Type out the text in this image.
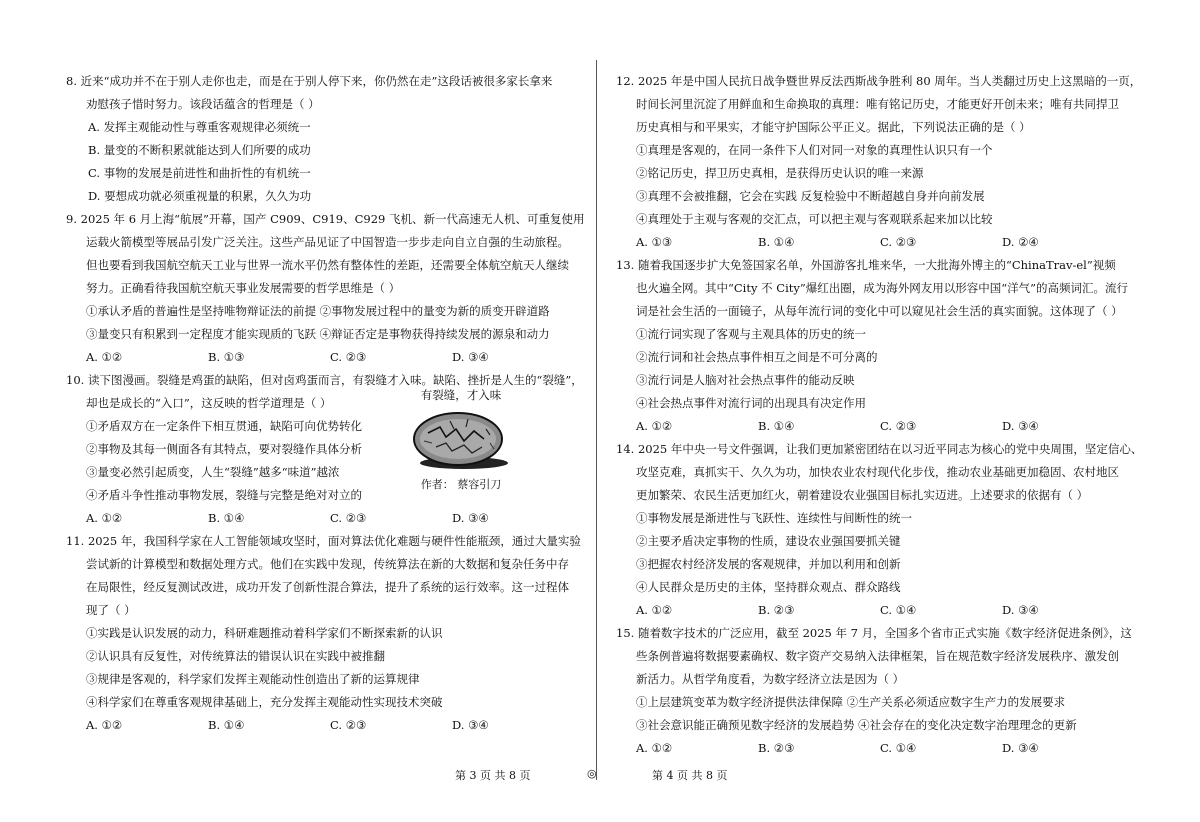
8. 近来“成功并不在于别人走你也走，而是在于别人停下来，你仍然在走”这段话被很多家长拿来
劝慰孩子惜时努力。该段话蕴含的哲理是（ ）
A. 发挥主观能动性与尊重客观规律必须统一
B. 量变的不断积累就能达到人们所要的成功
C. 事物的发展是前进性和曲折性的有机统一
D. 要想成功就必须重视量的积累，久久为功
9. 2025 年 6 月上海“航展”开幕，国产 C909、C919、C929 飞机、新一代高速无人机、可重复使用
运载火箭模型等展品引发广泛关注。这些产品见证了中国智造一步步走向自立自强的生动旅程。
但也要看到我国航空航天工业与世界一流水平仍然有整体性的差距，还需要全体航空航天人继续
努力。正确看待我国航空航天事业发展需要的哲学思维是（ ）
①承认矛盾的普遍性是坚持唯物辩证法的前提 ②事物发展过程中的量变为新的质变开辟道路
③量变只有积累到一定程度才能实现质的飞跃 ④辩证否定是事物获得持续发展的源泉和动力
A. ①②	B. ①③	C. ②③	D. ③④
10. 读下图漫画。裂缝是鸡蛋的缺陷，但对卤鸡蛋而言，有裂缝才入味。缺陷、挫折是人生的“裂缝”，
却也是成长的“入口”，这反映的哲学道理是（ ）
①矛盾双方在一定条件下相互贯通，缺陷可向优势转化
②事物及其每一侧面各有其特点，要对裂缝作具体分析
③量变必然引起质变，人生“裂缝”越多“味道”越浓
④矛盾斗争性推动事物发展，裂缝与完整是绝对对立的
A. ①②	B. ①④	C. ②③	D. ③④
有裂缝，才入味
作者： 蔡容引刀
11. 2025 年，我国科学家在人工智能领域攻坚时，面对算法优化难题与硬件性能瓶颈，通过大量实验
尝试新的计算模型和数据处理方式。他们在实践中发现，传统算法在新的大数据和复杂任务中存
在局限性，经反复测试改进，成功开发了创新性混合算法，提升了系统的运行效率。这一过程体
现了（ ）
①实践是认识发展的动力，科研难题推动着科学家们不断探索新的认识
②认识具有反复性，对传统算法的错误认识在实践中被推翻
③规律是客观的，科学家们发挥主观能动性创造出了新的运算规律
④科学家们在尊重客观规律基础上，充分发挥主观能动性实现技术突破
A. ①②	B. ①④	C. ②③	D. ③④
12. 2025 年是中国人民抗日战争暨世界反法西斯战争胜利 80 周年。当人类翻过历史上这黑暗的一页，
时间长河里沉淀了用鲜血和生命换取的真理：唯有铭记历史，才能更好开创未来；唯有共同捍卫
历史真相与和平果实，才能守护国际公平正义。据此，下列说法正确的是（ ）
①真理是客观的，在同一条件下人们对同一对象的真理性认识只有一个
②铭记历史，捍卫历史真相，是获得历史认识的唯一来源
③真理不会被推翻，它会在实践 反复检验中不断超越自身并向前发展
④真理处于主观与客观的交汇点，可以把主观与客观联系起来加以比较
A. ①③	B. ①④	C. ②③	D. ②④
13. 随着我国逐步扩大免签国家名单，外国游客扎堆来华，一大批海外博主的“ChinaTrav-el”视频
也火遍全网。其中“City 不 City”爆红出圈，成为海外网友用以形容中国“洋气”的高频词汇。流行
词是社会生活的一面镜子，从每年流行词的变化中可以窥见社会生活的真实面貌。这体现了（ ）
①流行词实现了客观与主观具体的历史的统一
②流行词和社会热点事件相互之间是不可分离的
③流行词是人脑对社会热点事件的能动反映
④社会热点事件对流行词的出现具有决定作用
A. ①②	B. ①④	C. ②③	D. ③④
14. 2025 年中央一号文件强调，让我们更加紧密团结在以习近平同志为核心的党中央周围，坚定信心、
攻坚克难，真抓实干、久久为功，加快农业农村现代化步伐，推动农业基础更加稳固、农村地区
更加繁荣、农民生活更加红火，朝着建设农业强国目标扎实迈进。上述要求的依据有（ ）
①事物发展是渐进性与飞跃性、连续性与间断性的统一
②主要矛盾决定事物的性质，建设农业强国要抓关键
③把握农村经济发展的客观规律，并加以利用和创新
④人民群众是历史的主体，坚持群众观点、群众路线
A. ①②	B. ②③	C. ①④	D. ③④
15. 随着数字技术的广泛应用，截至 2025 年 7 月，全国多个省市正式实施《数字经济促进条例》，这
些条例普遍将数据要素确权、数字资产交易纳入法律框架，旨在规范数字经济发展秩序、激发创
新活力。从哲学角度看，为数字经济立法是因为（ ）
①上层建筑变革为数字经济提供法律保障 ②生产关系必须适应数字生产力的发展要求
③社会意识能正确预见数字经济的发展趋势 ④社会存在的变化决定数字治理理念的更新
A. ①②	B. ②③	C. ①④	D. ③④
第 3 页 共 8 页	◎	第 4 页 共 8 页
